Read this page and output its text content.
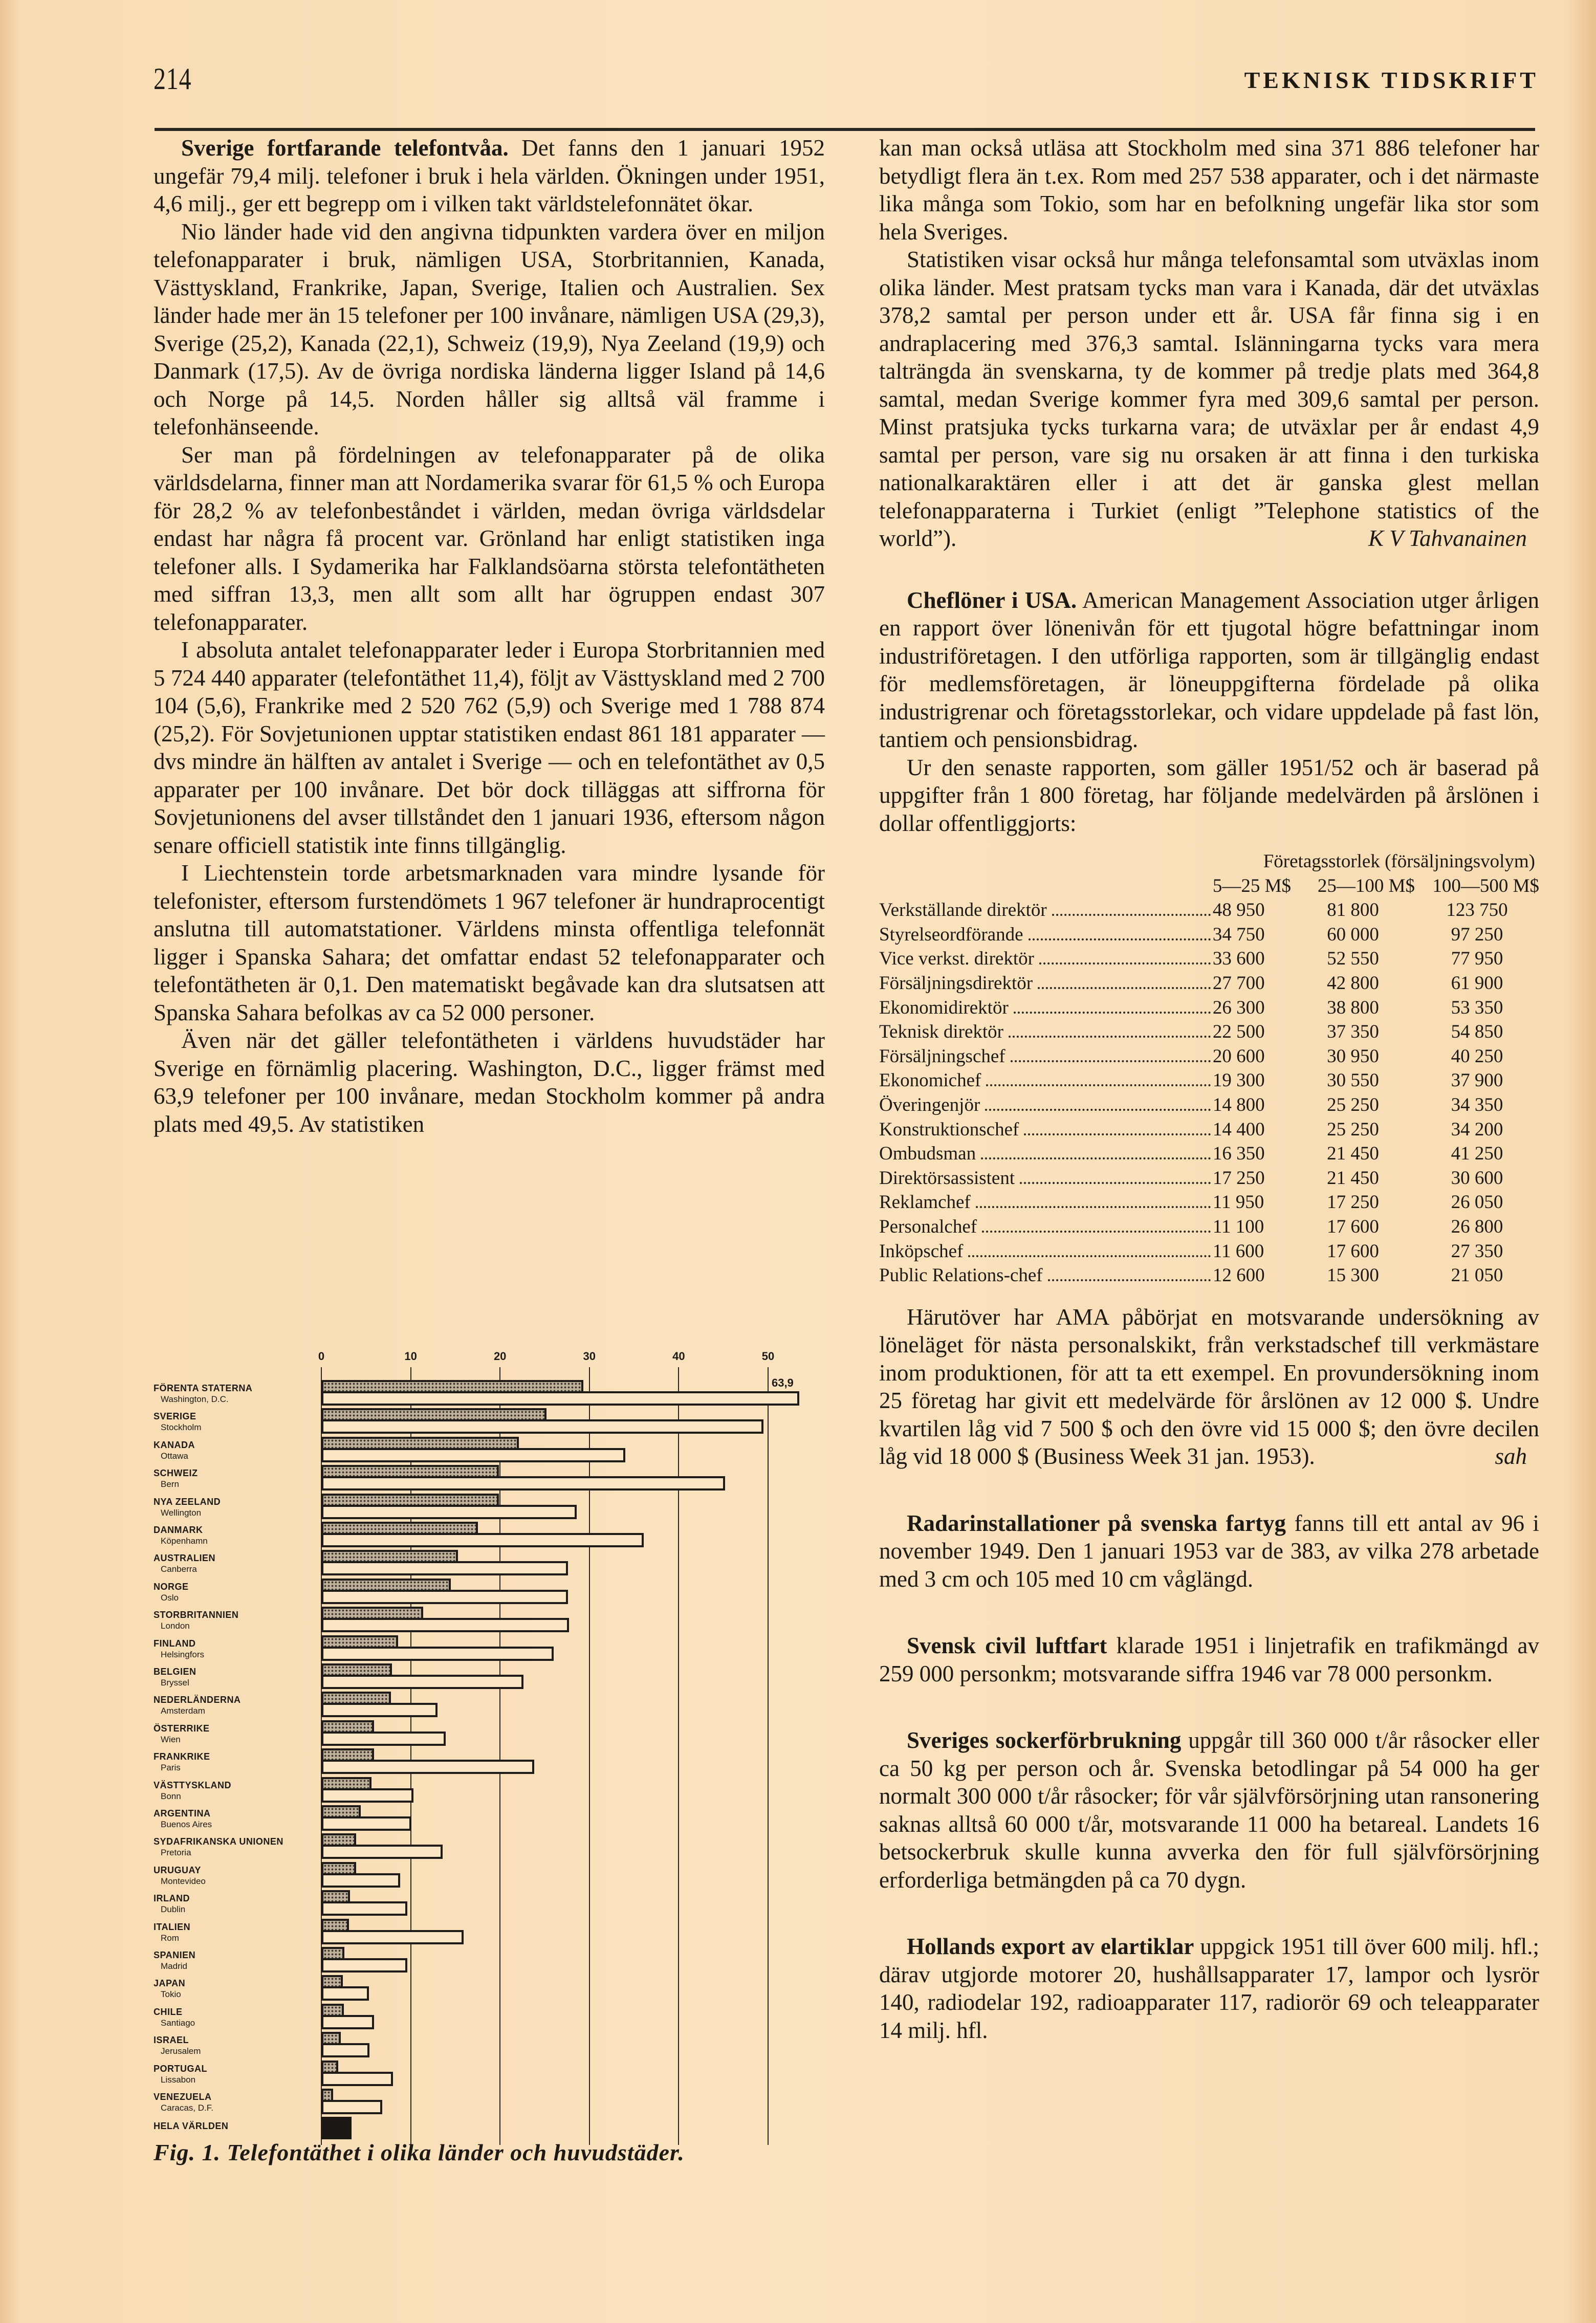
214	TEKNISK TIDSKRIFT

Sverige fortfarande telefontvåa. Det fanns den 1 januari 1952 ungefär 79,4 milj. telefoner i bruk i hela världen. Ökningen under 1951, 4,6 milj., ger ett begrepp om i vilken takt världstelefonnätet ökar.

Nio länder hade vid den angivna tidpunkten vardera över en miljon telefonapparater i bruk, nämligen USA, Storbritannien, Kanada, Västtyskland, Frankrike, Japan, Sverige, Italien och Australien. Sex länder hade mer än 15 telefoner per 100 invånare, nämligen USA (29,3), Sverige (25,2), Kanada (22,1), Schweiz (19,9), Nya Zeeland (19,9) och Danmark (17,5). Av de övriga nordiska länderna ligger Island på 14,6 och Norge på 14,5. Norden håller sig alltså väl framme i telefonhänseende.

Ser man på fördelningen av telefonapparater på de olika världsdelarna, finner man att Nordamerika svarar för 61,5 % och Europa för 28,2 % av telefonbeståndet i världen, medan övriga världsdelar endast har några få procent var. Grönland har enligt statistiken inga telefoner alls. I Sydamerika har Falklandsöarna största telefontätheten med siffran 13,3, men allt som allt har ögruppen endast 307 telefonapparater.

I absoluta antalet telefonapparater leder i Europa Storbritannien med 5 724 440 apparater (telefontäthet 11,4), följt av Västtyskland med 2 700 104 (5,6), Frankrike med 2 520 762 (5,9) och Sverige med 1 788 874 (25,2). För Sovjetunionen upptar statistiken endast 861 181 apparater — dvs mindre än hälften av antalet i Sverige — och en telefontäthet av 0,5 apparater per 100 invånare. Det bör dock tilläggas att siffrorna för Sovjetunionens del avser tillståndet den 1 januari 1936, eftersom någon senare officiell statistik inte finns tillgänglig.

I Liechtenstein torde arbetsmarknaden vara mindre lysande för telefonister, eftersom furstendömets 1 967 telefoner är hundraprocentigt anslutna till automatstationer. Världens minsta offentliga telefonnät ligger i Spanska Sahara; det omfattar endast 52 telefonapparater och telefontätheten är 0,1. Den matematiskt begåvade kan dra slutsatsen att Spanska Sahara befolkas av ca 52 000 personer.

Även när det gäller telefontätheten i världens huvudstäder har Sverige en förnämlig placering. Washington, D.C., ligger främst med 63,9 telefoner per 100 invånare, medan Stockholm kommer på andra plats med 49,5. Av statistiken

0	10	20	30	40	50
FÖRENTA STATERNA
Washington, D.C.
SVERIGE
Stockholm
KANADA
Ottawa
SCHWEIZ
Bern
NYA ZEELAND
Wellington
DANMARK
Köpenhamn
AUSTRALIEN
Canberra
NORGE
Oslo
STORBRITANNIEN
London
FINLAND
Helsingfors
BELGIEN
Bryssel
NEDERLÄNDERNA
Amsterdam
ÖSTERRIKE
Wien
FRANKRIKE
Paris
VÄSTTYSKLAND
Bonn
ARGENTINA
Buenos Aires
SYDAFRIKANSKA UNIONEN
Pretoria
URUGUAY
Montevideo
IRLAND
Dublin
ITALIEN
Rom
SPANIEN
Madrid
JAPAN
Tokio
CHILE
Santiago
ISRAEL
Jerusalem
PORTUGAL
Lissabon
VENEZUELA
Caracas, D.F.
63,9
HELA VÄRLDEN
Fig. 1. Telefontäthet i olika länder och huvudstäder.

kan man också utläsa att Stockholm med sina 371 886 telefoner har betydligt flera än t.ex. Rom med 257 538 apparater, och i det närmaste lika många som Tokio, som har en befolkning ungefär lika stor som hela Sveriges.

Statistiken visar också hur många telefonsamtal som utväxlas inom olika länder. Mest pratsam tycks man vara i Kanada, där det utväxlas 378,2 samtal per person under ett år. USA får finna sig i en andraplacering med 376,3 samtal. Islänningarna tycks vara mera talträngda än svenskarna, ty de kommer på tredje plats med 364,8 samtal, medan Sverige kommer fyra med 309,6 samtal per person. Minst pratsjuka tycks turkarna vara; de utväxlar per år endast 4,9 samtal per person, vare sig nu orsaken är att finna i den turkiska nationalkaraktären eller i att det är ganska glest mellan telefonapparaterna i Turkiet (enligt ”Telephone statistics of the world”).	K V Tahvanainen

Cheflöner i USA. American Management Association utger årligen en rapport över lönenivån för ett tjugotal högre befattningar inom industriföretagen. I den utförliga rapporten, som är tillgänglig endast för medlemsföretagen, är löneuppgifterna fördelade på olika industrigrenar och företagsstorlekar, och vidare uppdelade på fast lön, tantiem och pensionsbidrag.

Ur den senaste rapporten, som gäller 1951/52 och är baserad på uppgifter från 1 800 företag, har följande medelvärden på årslönen i dollar offentliggjorts:

	Företagsstorlek (försäljningsvolym)		
	5—25 M$	25—100 M$	100—500 M$

Verkställande direktör	48 950	81 800	123 750

Styrelseordförande	34 750	60 000	97 250

Vice verkst. direktör	33 600	52 550	77 950

Försäljningsdirektör	27 700	42 800	61 900

Ekonomidirektör	26 300	38 800	53 350

Teknisk direktör	22 500	37 350	54 850

Försäljningschef	20 600	30 950	40 250

Ekonomichef	19 300	30 550	37 900

Överingenjör	14 800	25 250	34 350

Konstruktionschef	14 400	25 250	34 200

Ombudsman	16 350	21 450	41 250

Direktörsassistent	17 250	21 450	30 600

Reklamchef	11 950	17 250	26 050

Personalchef	11 100	17 600	26 800

Inköpschef	11 600	17 600	27 350

Public Relations-chef	12 600	15 300	21 050

Härutöver har AMA påbörjat en motsvarande undersökning av löneläget för nästa personalskikt, från verkstadschef till verkmästare inom produktionen, för att ta ett exempel. En provundersökning inom 25 företag har givit ett medelvärde för årslönen av 12 000 $. Undre kvartilen låg vid 7 500 $ och den övre vid 15 000 $; den övre decilen låg vid 18 000 $ (Business Week 31 jan. 1953).	sah

Radarinstallationer på svenska fartyg fanns till ett antal av 96 i november 1949. Den 1 januari 1953 var de 383, av vilka 278 arbetade med 3 cm och 105 med 10 cm våglängd.

Svensk civil luftfart klarade 1951 i linjetrafik en trafikmängd av 259 000 personkm; motsvarande siffra 1946 var 78 000 personkm.

Sveriges sockerförbrukning uppgår till 360 000 t/år råsocker eller ca 50 kg per person och år. Svenska betodlingar på 54 000 ha ger normalt 300 000 t/år råsocker; för vår självförsörjning utan ransonering saknas alltså 60 000 t/år, motsvarande 11 000 ha betareal. Landets 16 betsockerbruk skulle kunna avverka den för full självförsörjning erforderliga betmängden på ca 70 dygn.

Hollands export av elartiklar uppgick 1951 till över 600 milj. hfl.; därav utgjorde motorer 20, hushållsapparater 17, lampor och lysrör 140, radiodelar 192, radioapparater 117, radiorör 69 och teleapparater 14 milj. hfl.
